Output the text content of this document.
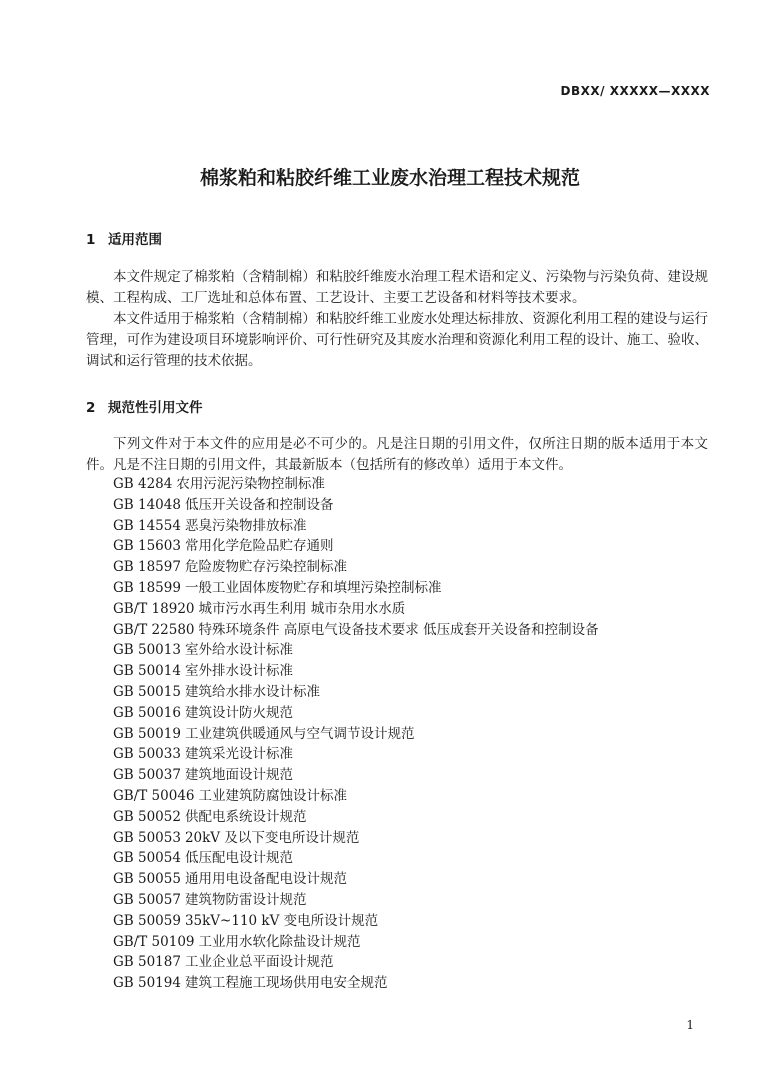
DBXX/ XXXXX—XXXX
棉浆粕和粘胶纤维工业废水治理工程技术规范
1 适用范围

本文件规定了棉浆粕（含精制棉）和粘胶纤维废水治理工程术语和定义、污染物与污染负荷、建设规模、工程构成、工厂选址和总体布置、工艺设计、主要工艺设备和材料等技术要求。

本文件适用于棉浆粕（含精制棉）和粘胶纤维工业废水处理达标排放、资源化利用工程的建设与运行管理，可作为建设项目环境影响评价、可行性研究及其废水治理和资源化利用工程的设计、施工、验收、调试和运行管理的技术依据。

2 规范性引用文件

下列文件对于本文件的应用是必不可少的。凡是注日期的引用文件，仅所注日期的版本适用于本文件。凡是不注日期的引用文件，其最新版本（包括所有的修改单）适用于本文件。

GB 4284 农用污泥污染物控制标准
GB 14048 低压开关设备和控制设备
GB 14554 恶臭污染物排放标准
GB 15603 常用化学危险品贮存通则
GB 18597 危险废物贮存污染控制标准
GB 18599 一般工业固体废物贮存和填埋污染控制标准
GB/T 18920 城市污水再生利用 城市杂用水水质
GB/T 22580 特殊环境条件 高原电气设备技术要求 低压成套开关设备和控制设备
GB 50013 室外给水设计标准
GB 50014 室外排水设计标准
GB 50015 建筑给水排水设计标准
GB 50016 建筑设计防火规范
GB 50019 工业建筑供暖通风与空气调节设计规范
GB 50033 建筑采光设计标准
GB 50037 建筑地面设计规范
GB/T 50046 工业建筑防腐蚀设计标准
GB 50052 供配电系统设计规范
GB 50053 20kV 及以下变电所设计规范
GB 50054 低压配电设计规范
GB 50055 通用用电设备配电设计规范
GB 50057 建筑物防雷设计规范
GB 50059 35kV~110 kV 变电所设计规范
GB/T 50109 工业用水软化除盐设计规范
GB 50187 工业企业总平面设计规范
GB 50194 建筑工程施工现场供用电安全规范
1
